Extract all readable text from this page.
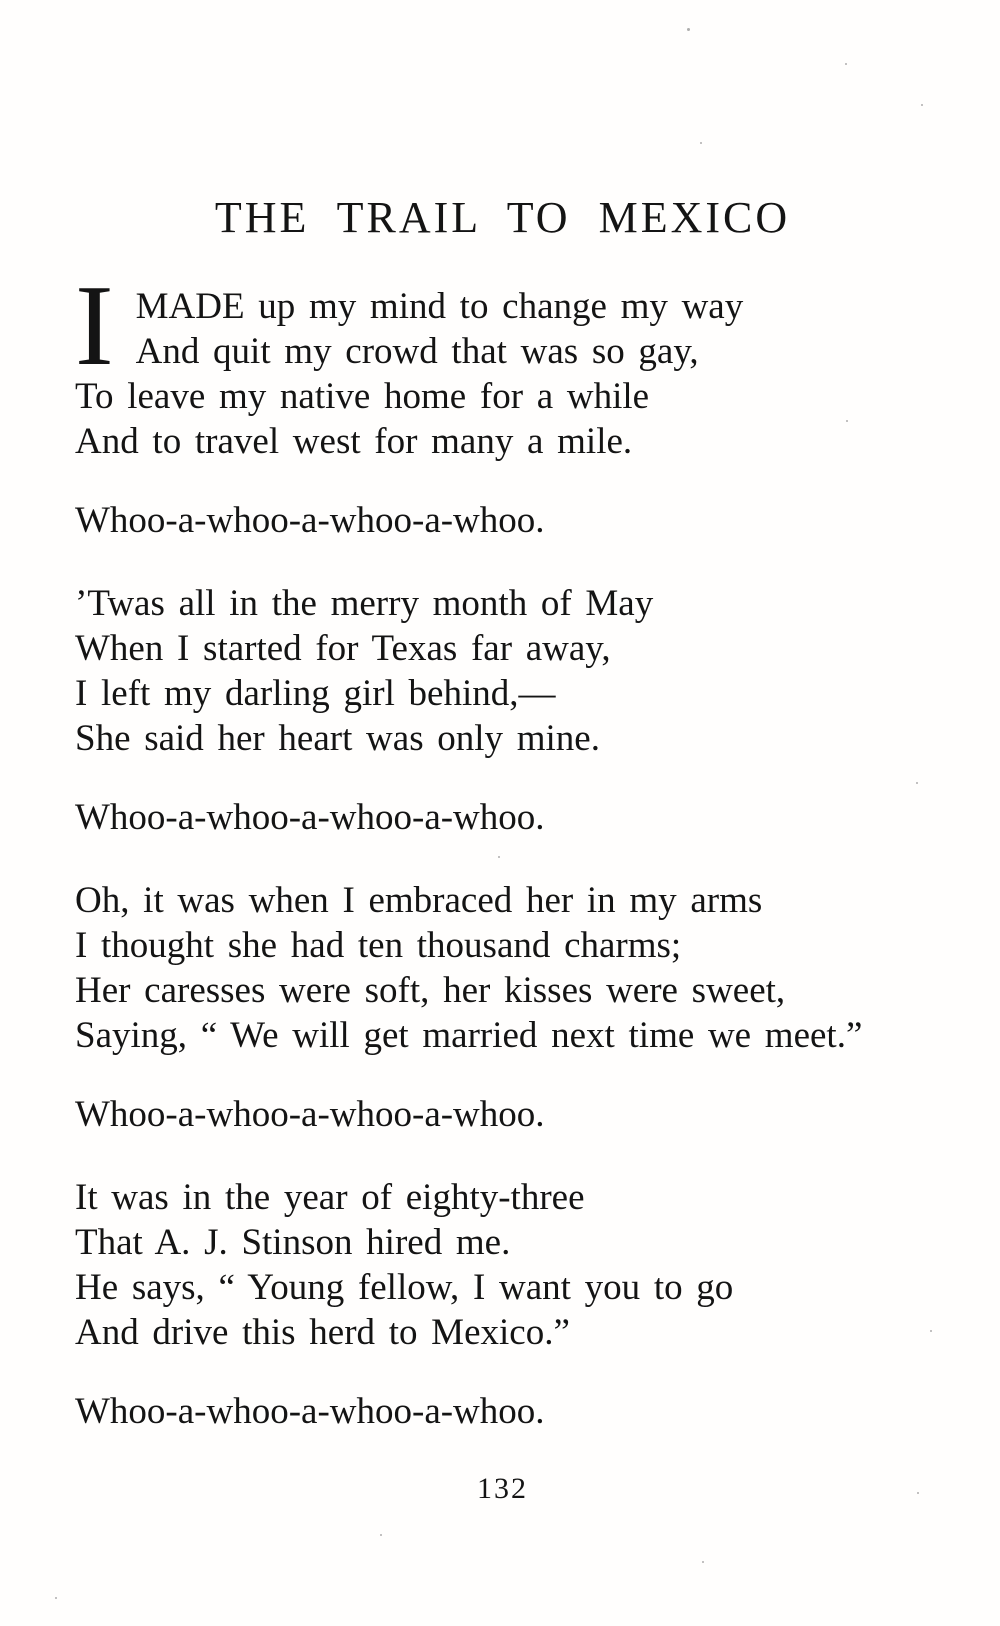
THE TRAIL TO MEXICO
I MADE up my mind to change my way
And quit my crowd that was so gay,
To leave my native home for a while
And to travel west for many a mile.
Whoo-a-whoo-a-whoo-a-whoo.
’Twas all in the merry month of May
When I started for Texas far away,
I left my darling girl behind,—
She said her heart was only mine.
Whoo-a-whoo-a-whoo-a-whoo.
Oh, it was when I embraced her in my arms
I thought she had ten thousand charms;
Her caresses were soft, her kisses were sweet,
Saying, “ We will get married next time we meet.”
Whoo-a-whoo-a-whoo-a-whoo.
It was in the year of eighty-three
That A. J. Stinson hired me.
He says, “ Young fellow, I want you to go
And drive this herd to Mexico.”
Whoo-a-whoo-a-whoo-a-whoo.
132
